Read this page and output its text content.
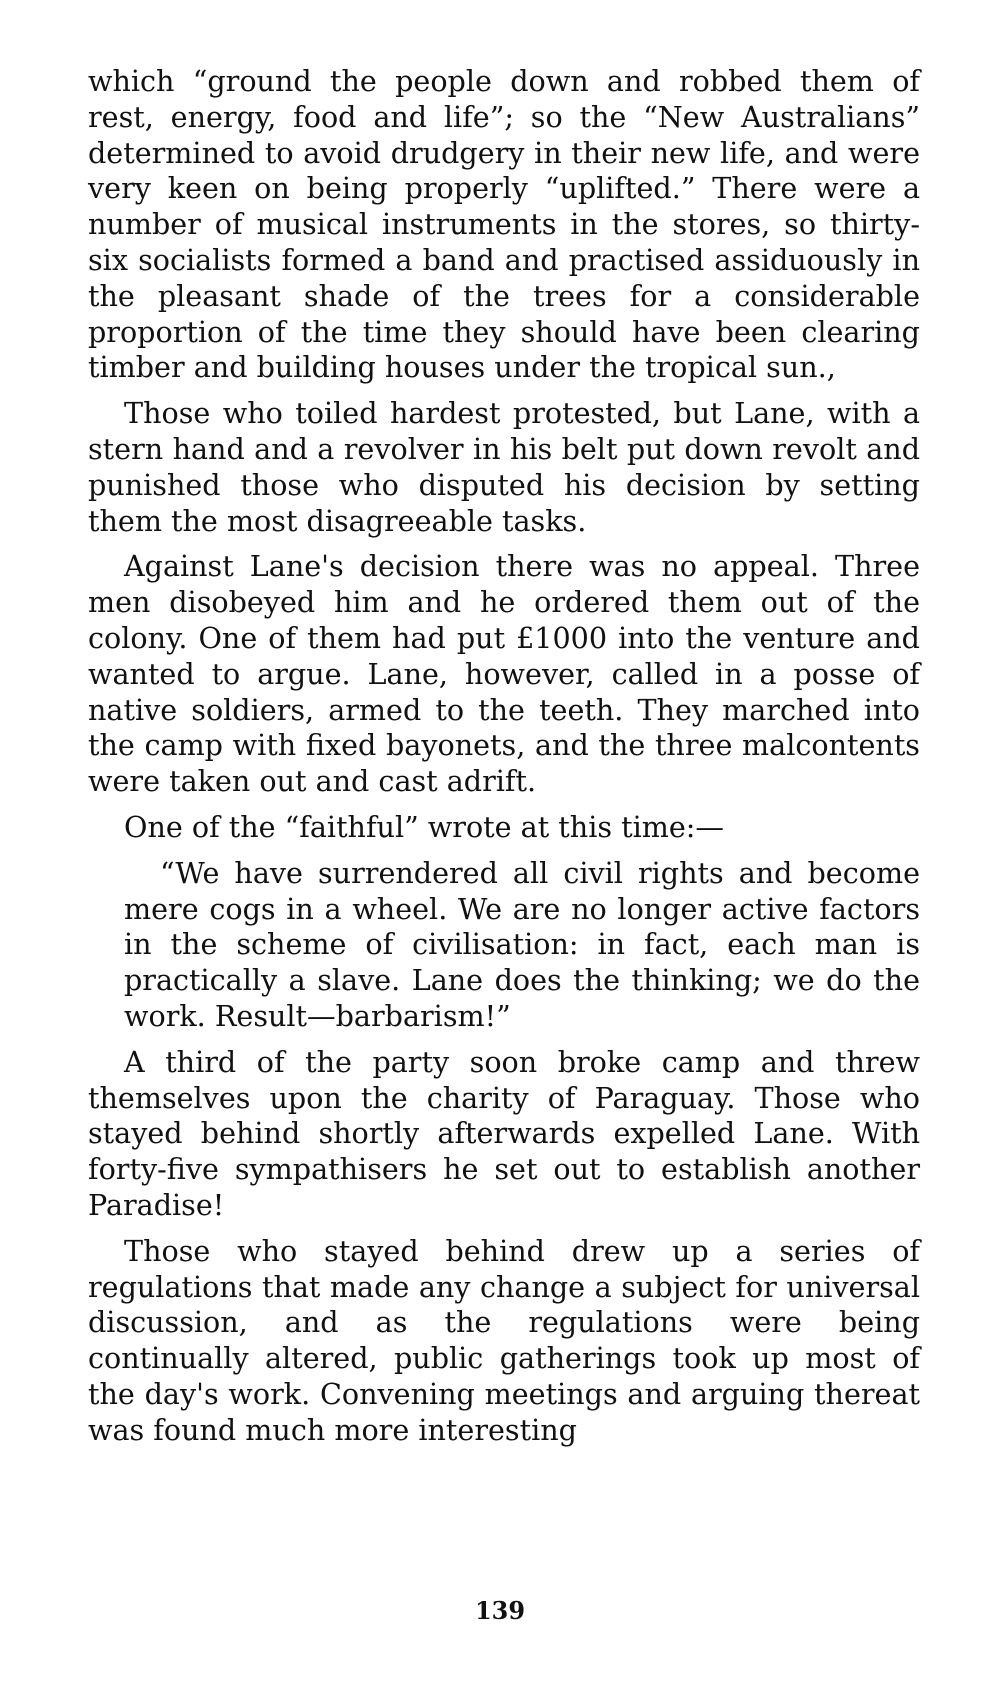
which “ground the people down and robbed them of rest, energy, food and life”; so the “New Australians” determined to avoid drudgery in their new life, and were very keen on being properly “uplifted.” There were a number of musical instruments in the stores, so thirty-six socialists formed a band and practised assiduously in the pleasant shade of the trees for a considerable proportion of the time they should have been clearing timber and building houses under the tropical sun.,

Those who toiled hardest protested, but Lane, with a stern hand and a revolver in his belt put down revolt and punished those who disputed his decision by setting them the most disagreeable tasks.

Against Lane's decision there was no appeal. Three men disobeyed him and he ordered them out of the colony. One of them had put £1000 into the venture and wanted to argue. Lane, however, called in a posse of native soldiers, armed to the teeth. They marched into the camp with fixed bayonets, and the three malcontents were taken out and cast adrift.

One of the “faithful” wrote at this time:—

“We have surrendered all civil rights and become mere cogs in a wheel. We are no longer active factors in the scheme of civilisation: in fact, each man is practically a slave. Lane does the thinking; we do the work. Result—barbarism!”

A third of the party soon broke camp and threw themselves upon the charity of Paraguay. Those who stayed behind shortly afterwards expelled Lane. With forty-five sympathisers he set out to establish another Paradise!

Those who stayed behind drew up a series of regulations that made any change a subject for universal discussion, and as the regulations were being continually altered, public gatherings took up most of the day's work. Convening meetings and arguing thereat was found much more interesting

139
